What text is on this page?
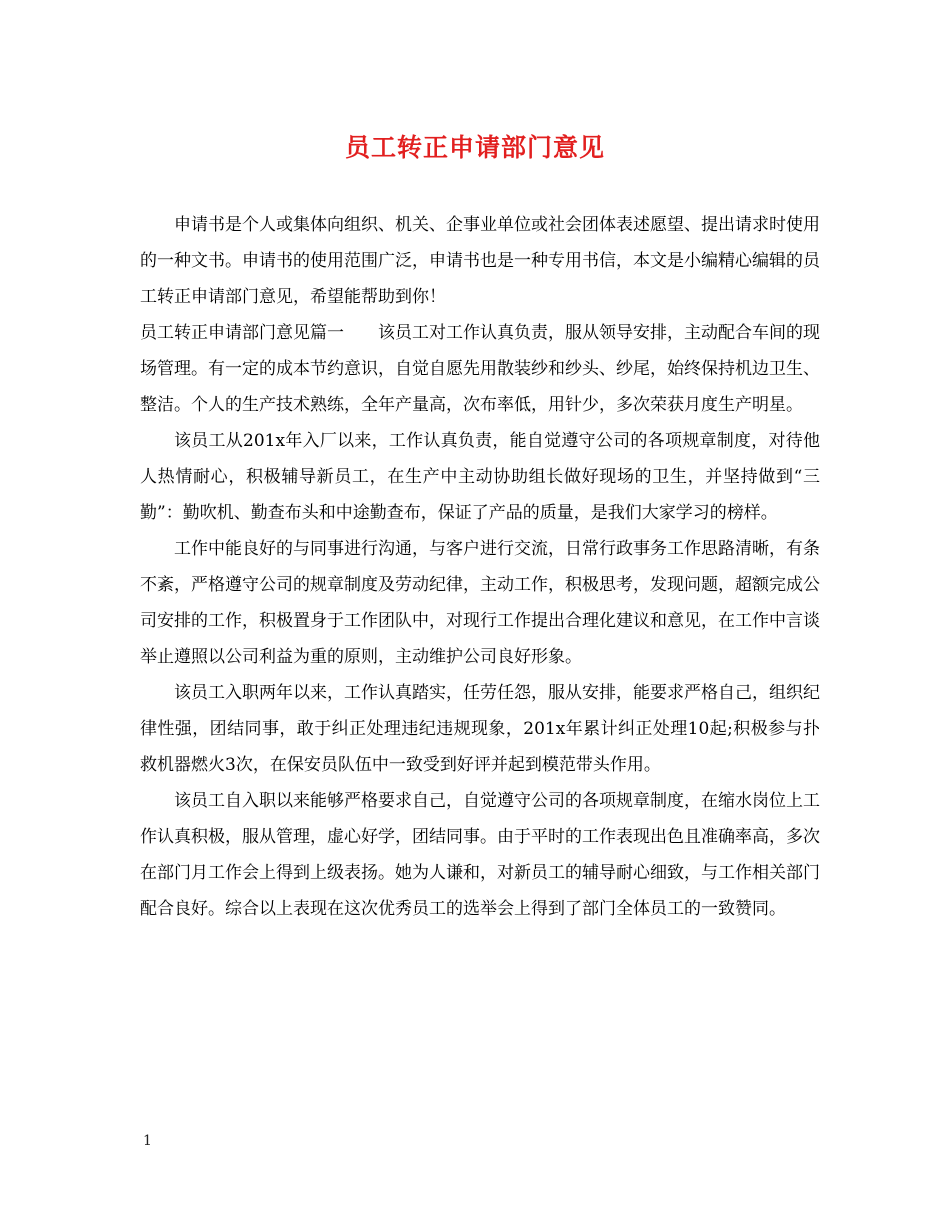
员工转正申请部门意见

申请书是个人或集体向组织、机关、企事业单位或社会团体表述愿望、提出请求时使用的一种文书。申请书的使用范围广泛，申请书也是一种专用书信，本文是小编精心编辑的员工转正申请部门意见，希望能帮助到你！

员工转正申请部门意见篇一　　该员工对工作认真负责，服从领导安排，主动配合车间的现场管理。有一定的成本节约意识，自觉自愿先用散装纱和纱头、纱尾，始终保持机边卫生、整洁。个人的生产技术熟练，全年产量高，次布率低，用针少，多次荣获月度生产明星。

该员工从201x年入厂以来，工作认真负责，能自觉遵守公司的各项规章制度，对待他人热情耐心，积极辅导新员工，在生产中主动协助组长做好现场的卫生，并坚持做到“三勤”：勤吹机、勤查布头和中途勤查布，保证了产品的质量，是我们大家学习的榜样。

工作中能良好的与同事进行沟通，与客户进行交流，日常行政事务工作思路清晰，有条不紊，严格遵守公司的规章制度及劳动纪律，主动工作，积极思考，发现问题，超额完成公司安排的工作，积极置身于工作团队中，对现行工作提出合理化建议和意见，在工作中言谈举止遵照以公司利益为重的原则，主动维护公司良好形象。

该员工入职两年以来，工作认真踏实，任劳任怨，服从安排，能要求严格自己，组织纪律性强，团结同事，敢于纠正处理违纪违规现象，201x年累计纠正处理10起;积极参与扑救机器燃火3次，在保安员队伍中一致受到好评并起到模范带头作用。

该员工自入职以来能够严格要求自己，自觉遵守公司的各项规章制度，在缩水岗位上工作认真积极，服从管理，虚心好学，团结同事。由于平时的工作表现出色且准确率高，多次在部门月工作会上得到上级表扬。她为人谦和，对新员工的辅导耐心细致，与工作相关部门配合良好。综合以上表现在这次优秀员工的选举会上得到了部门全体员工的一致赞同。

1
